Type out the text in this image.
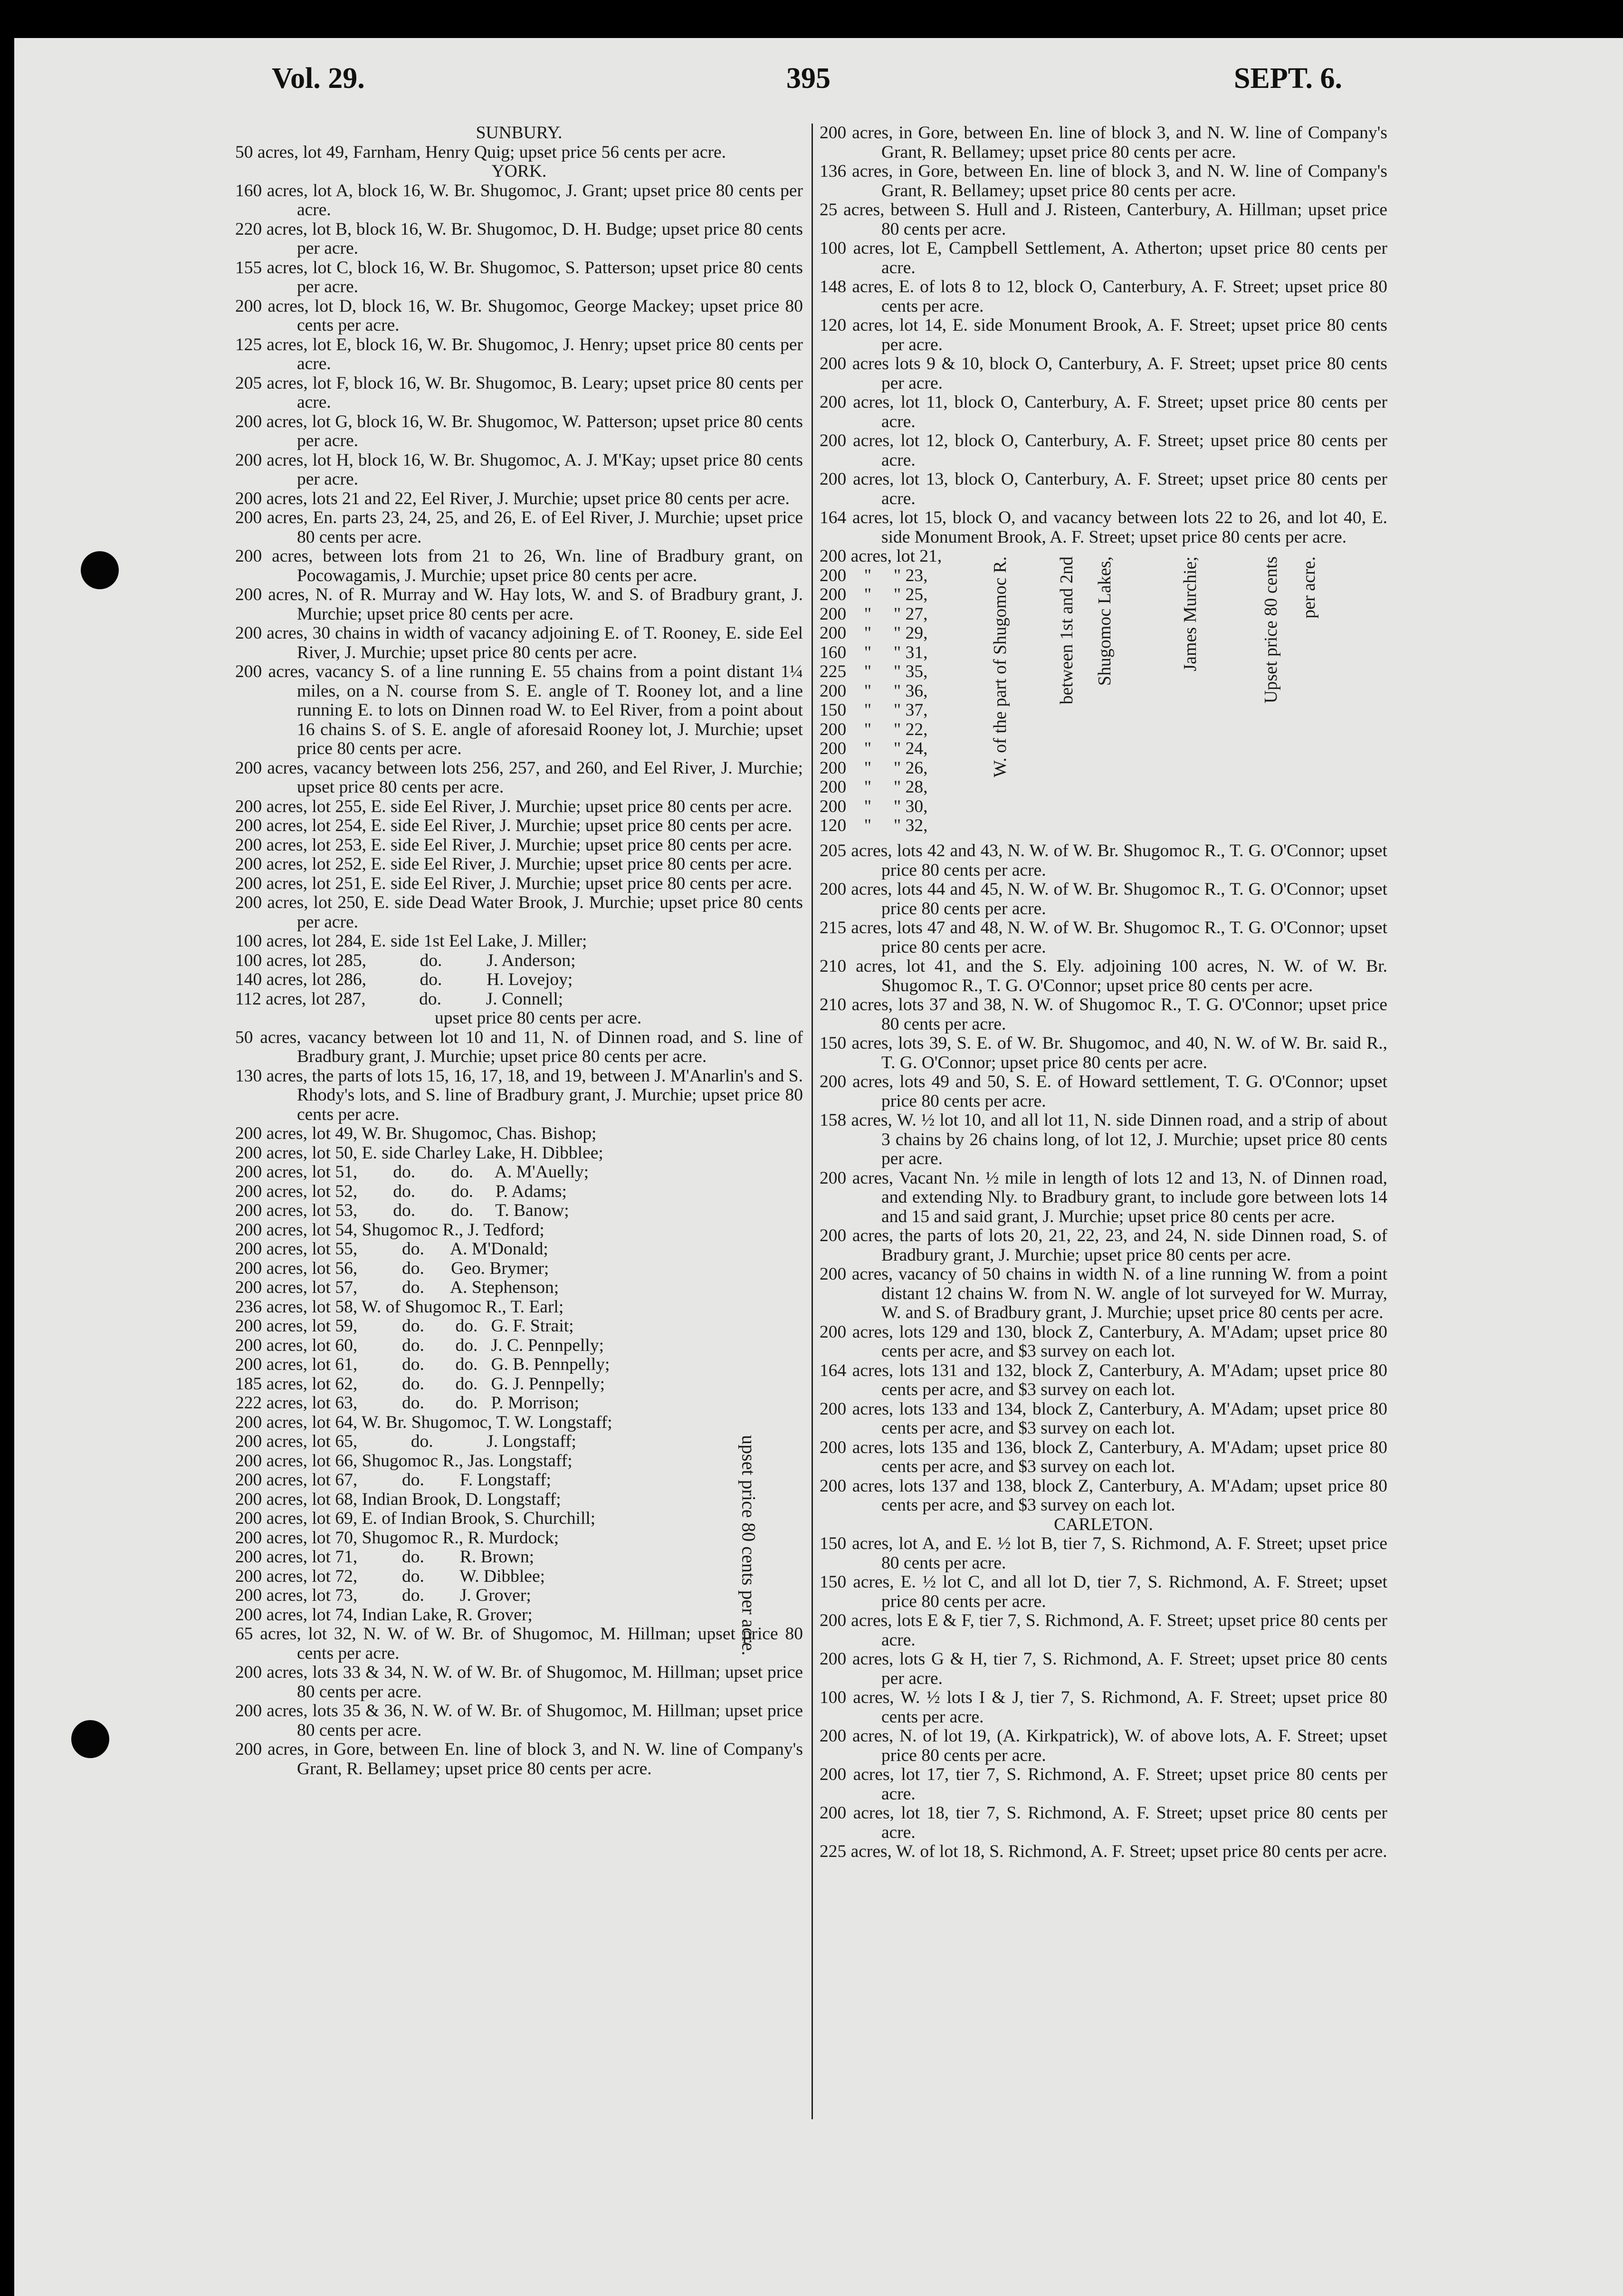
Vol. 29.	395	SEPT. 6.
SUNBURY.
50 acres, lot 49, Farnham, Henry Quig; upset price 56 cents per acre.
YORK.
160 acres, lot A, block 16, W. Br. Shugomoc, J. Grant; upset price 80 cents per acre.
220 acres, lot B, block 16, W. Br. Shugomoc, D. H. Budge; upset price 80 cents per acre.
155 acres, lot C, block 16, W. Br. Shugomoc, S. Patterson; upset price 80 cents per acre.
200 acres, lot D, block 16, W. Br. Shugomoc, George Mackey; upset price 80 cents per acre.
125 acres, lot E, block 16, W. Br. Shugomoc, J. Henry; upset price 80 cents per acre.
205 acres, lot F, block 16, W. Br. Shugomoc, B. Leary; upset price 80 cents per acre.
200 acres, lot G, block 16, W. Br. Shugomoc, W. Patterson; upset price 80 cents per acre.
200 acres, lot H, block 16, W. Br. Shugomoc, A. J. M'Kay; upset price 80 cents per acre.
200 acres, lots 21 and 22, Eel River, J. Murchie; upset price 80 cents per acre.
200 acres, En. parts 23, 24, 25, and 26, E. of Eel River, J. Murchie; upset price 80 cents per acre.
200 acres, between lots from 21 to 26, Wn. line of Bradbury grant, on Pocowagamis, J. Murchie; upset price 80 cents per acre.
200 acres, N. of R. Murray and W. Hay lots, W. and S. of Bradbury grant, J. Murchie; upset price 80 cents per acre.
200 acres, 30 chains in width of vacancy adjoining E. of T. Rooney, E. side Eel River, J. Murchie; upset price 80 cents per acre.
200 acres, vacancy S. of a line running E. 55 chains from a point distant 1¼ miles, on a N. course from S. E. angle of T. Rooney lot, and a line running E. to lots on Dinnen road W. to Eel River, from a point about 16 chains S. of S. E. angle of aforesaid Rooney lot, J. Murchie; upset price 80 cents per acre.
200 acres, vacancy between lots 256, 257, and 260, and Eel River, J. Murchie; upset price 80 cents per acre.
200 acres, lot 255, E. side Eel River, J. Murchie; upset price 80 cents per acre.
200 acres, lot 254, E. side Eel River, J. Murchie; upset price 80 cents per acre.
200 acres, lot 253, E. side Eel River, J. Murchie; upset price 80 cents per acre.
200 acres, lot 252, E. side Eel River, J. Murchie; upset price 80 cents per acre.
200 acres, lot 251, E. side Eel River, J. Murchie; upset price 80 cents per acre.
200 acres, lot 250, E. side Dead Water Brook, J. Murchie; upset price 80 cents per acre.
100 acres, lot 284, E. side 1st Eel Lake, J. Miller;
100 acres, lot 285,            do.          J. Anderson;
140 acres, lot 286,            do.          H. Lovejoy;
112 acres, lot 287,            do.          J. Connell;
upset price 80 cents per acre.
50 acres, vacancy between lot 10 and 11, N. of Dinnen road, and S. line of Bradbury grant, J. Murchie; upset price 80 cents per acre.
130 acres, the parts of lots 15, 16, 17, 18, and 19, between J. M'Anarlin's and S. Rhody's lots, and S. line of Bradbury grant, J. Murchie; upset price 80 cents per acre.
200 acres, lot 49, W. Br. Shugomoc, Chas. Bishop;
200 acres, lot 50, E. side Charley Lake, H. Dibblee;
200 acres, lot 51,        do.        do.     A. M'Auelly;
200 acres, lot 52,        do.        do.     P. Adams;
200 acres, lot 53,        do.        do.     T. Banow;
200 acres, lot 54, Shugomoc R., J. Tedford;
200 acres, lot 55,          do.      A. M'Donald;
200 acres, lot 56,          do.      Geo. Brymer;
200 acres, lot 57,          do.      A. Stephenson;
236 acres, lot 58, W. of Shugomoc R., T. Earl;
200 acres, lot 59,          do.       do.   G. F. Strait;
200 acres, lot 60,          do.       do.   J. C. Pennpelly;
200 acres, lot 61,          do.       do.   G. B. Pennpelly;
185 acres, lot 62,          do.       do.   G. J. Pennpelly;
222 acres, lot 63,          do.       do.   P. Morrison;
200 acres, lot 64, W. Br. Shugomoc, T. W. Longstaff;
200 acres, lot 65,            do.            J. Longstaff;
200 acres, lot 66, Shugomoc R., Jas. Longstaff;
200 acres, lot 67,          do.        F. Longstaff;
200 acres, lot 68, Indian Brook, D. Longstaff;
200 acres, lot 69, E. of Indian Brook, S. Churchill;
200 acres, lot 70, Shugomoc R., R. Murdock;
200 acres, lot 71,          do.        R. Brown;
200 acres, lot 72,          do.        W. Dibblee;
200 acres, lot 73,          do.        J. Grover;
200 acres, lot 74, Indian Lake, R. Grover;
65 acres, lot 32, N. W. of W. Br. of Shugomoc, M. Hillman; upset price 80 cents per acre.
200 acres, lots 33 & 34, N. W. of W. Br. of Shugomoc, M. Hillman; upset price 80 cents per acre.
200 acres, lots 35 & 36, N. W. of W. Br. of Shugomoc, M. Hillman; upset price 80 cents per acre.
200 acres, in Gore, between En. line of block 3, and N. W. line of Company's Grant, R. Bellamey; upset price 80 cents per acre.
upset price 80 cents per acre.
200 acres, in Gore, between En. line of block 3, and N. W. line of Company's Grant, R. Bellamey; upset price 80 cents per acre.
136 acres, in Gore, between En. line of block 3, and N. W. line of Company's Grant, R. Bellamey; upset price 80 cents per acre.
25 acres, between S. Hull and J. Risteen, Canterbury, A. Hillman; upset price 80 cents per acre.
100 acres, lot E, Campbell Settlement, A. Atherton; upset price 80 cents per acre.
148 acres, E. of lots 8 to 12, block O, Canterbury, A. F. Street; upset price 80 cents per acre.
120 acres, lot 14, E. side Monument Brook, A. F. Street; upset price 80 cents per acre.
200 acres lots 9 & 10, block O, Canterbury, A. F. Street; upset price 80 cents per acre.
200 acres, lot 11, block O, Canterbury, A. F. Street; upset price 80 cents per acre.
200 acres, lot 12, block O, Canterbury, A. F. Street; upset price 80 cents per acre.
200 acres, lot 13, block O, Canterbury, A. F. Street; upset price 80 cents per acre.
164 acres, lot 15, block O, and vacancy between lots 22 to 26, and lot 40, E. side Monument Brook, A. F. Street; upset price 80 cents per acre.
200 acres, lot 21,
200    "     " 23,
200    "     " 25,
200    "     " 27,
200    "     " 29,
160    "     " 31,
225    "     " 35,
200    "     " 36,
150    "     " 37,
200    "     " 22,
200    "     " 24,
200    "     " 26,
200    "     " 28,
200    "     " 30,
120    "     " 32,
W. of the part of Shugomoc R.	between 1st and 2nd Shugomoc Lakes,	James Murchie;	Upset price 80 cents per acre.
205 acres, lots 42 and 43, N. W. of W. Br. Shugomoc R., T. G. O'Connor; upset price 80 cents per acre.
200 acres, lots 44 and 45, N. W. of W. Br. Shugomoc R., T. G. O'Connor; upset price 80 cents per acre.
215 acres, lots 47 and 48, N. W. of W. Br. Shugomoc R., T. G. O'Connor; upset price 80 cents per acre.
210 acres, lot 41, and the S. Ely. adjoining 100 acres, N. W. of W. Br. Shugomoc R., T. G. O'Connor; upset price 80 cents per acre.
210 acres, lots 37 and 38, N. W. of Shugomoc R., T. G. O'Connor; upset price 80 cents per acre.
150 acres, lots 39, S. E. of W. Br. Shugomoc, and 40, N. W. of W. Br. said R., T. G. O'Connor; upset price 80 cents per acre.
200 acres, lots 49 and 50, S. E. of Howard settlement, T. G. O'Connor; upset price 80 cents per acre.
158 acres, W. ½ lot 10, and all lot 11, N. side Dinnen road, and a strip of about 3 chains by 26 chains long, of lot 12, J. Murchie; upset price 80 cents per acre.
200 acres, Vacant Nn. ½ mile in length of lots 12 and 13, N. of Dinnen road, and extending Nly. to Bradbury grant, to include gore between lots 14 and 15 and said grant, J. Murchie; upset price 80 cents per acre.
200 acres, the parts of lots 20, 21, 22, 23, and 24, N. side Dinnen road, S. of Bradbury grant, J. Murchie; upset price 80 cents per acre.
200 acres, vacancy of 50 chains in width N. of a line running W. from a point distant 12 chains W. from N. W. angle of lot surveyed for W. Murray, W. and S. of Bradbury grant, J. Murchie; upset price 80 cents per acre.
200 acres, lots 129 and 130, block Z, Canterbury, A. M'Adam; upset price 80 cents per acre, and $3 survey on each lot.
164 acres, lots 131 and 132, block Z, Canterbury, A. M'Adam; upset price 80 cents per acre, and $3 survey on each lot.
200 acres, lots 133 and 134, block Z, Canterbury, A. M'Adam; upset price 80 cents per acre, and $3 survey on each lot.
200 acres, lots 135 and 136, block Z, Canterbury, A. M'Adam; upset price 80 cents per acre, and $3 survey on each lot.
200 acres, lots 137 and 138, block Z, Canterbury, A. M'Adam; upset price 80 cents per acre, and $3 survey on each lot.
CARLETON.
150 acres, lot A, and E. ½ lot B, tier 7, S. Richmond, A. F. Street; upset price 80 cents per acre.
150 acres, E. ½ lot C, and all lot D, tier 7, S. Richmond, A. F. Street; upset price 80 cents per acre.
200 acres, lots E & F, tier 7, S. Richmond, A. F. Street; upset price 80 cents per acre.
200 acres, lots G & H, tier 7, S. Richmond, A. F. Street; upset price 80 cents per acre.
100 acres, W. ½ lots I & J, tier 7, S. Richmond, A. F. Street; upset price 80 cents per acre.
200 acres, N. of lot 19, (A. Kirkpatrick), W. of above lots, A. F. Street; upset price 80 cents per acre.
200 acres, lot 17, tier 7, S. Richmond, A. F. Street; upset price 80 cents per acre.
200 acres, lot 18, tier 7, S. Richmond, A. F. Street; upset price 80 cents per acre.
225 acres, W. of lot 18, S. Richmond, A. F. Street; upset price 80 cents per acre.
